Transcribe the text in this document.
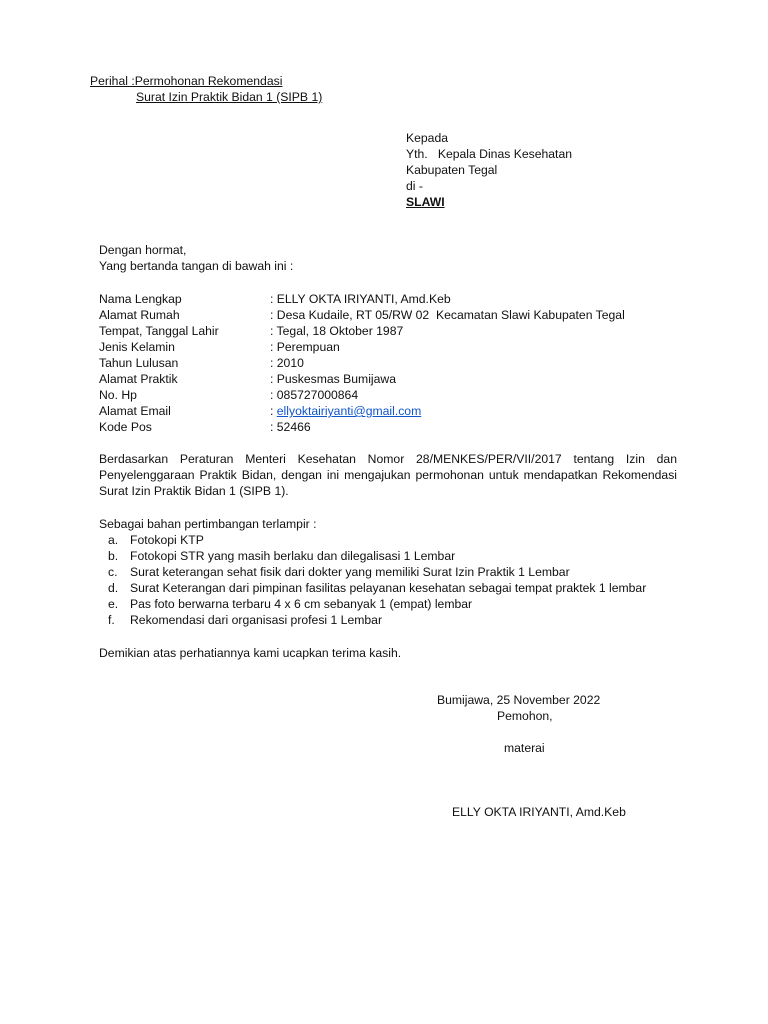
Perihal :Permohonan Rekomendasi
Surat Izin Praktik Bidan 1 (SIPB 1)
Kepada
Yth.   Kepala Dinas Kesehatan
Kabupaten Tegal
di -
SLAWI
Dengan hormat,
Yang bertanda tangan di bawah ini :
Nama Lengkap	: ELLY OKTA IRIYANTI, Amd.Keb
Alamat Rumah	: Desa Kudaile, RT 05/RW 02  Kecamatan Slawi Kabupaten Tegal
Tempat, Tanggal Lahir	: Tegal, 18 Oktober 1987
Jenis Kelamin	: Perempuan
Tahun Lulusan	: 2010
Alamat Praktik	: Puskesmas Bumijawa
No. Hp	: 085727000864
Alamat Email	: ellyoktairiyanti@gmail.com
Kode Pos	: 52466
Berdasarkan Peraturan Menteri Kesehatan Nomor 28/MENKES/PER/VII/2017 tentang Izin dan
Penyelenggaraan Praktik Bidan, dengan ini mengajukan permohonan untuk mendapatkan Rekomendasi
Surat Izin Praktik Bidan 1 (SIPB 1).
Sebagai bahan pertimbangan terlampir :
a. Fotokopi KTP
b. Fotokopi STR yang masih berlaku dan dilegalisasi 1 Lembar
c. Surat keterangan sehat fisik dari dokter yang memiliki Surat Izin Praktik 1 Lembar
d. Surat Keterangan dari pimpinan fasilitas pelayanan kesehatan sebagai tempat praktek 1 lembar
e. Pas foto berwarna terbaru 4 x 6 cm sebanyak 1 (empat) lembar
f. Rekomendasi dari organisasi profesi 1 Lembar
Demikian atas perhatiannya kami ucapkan terima kasih.
Bumijawa, 25 November 2022
Pemohon,
materai
ELLY OKTA IRIYANTI, Amd.Keb
